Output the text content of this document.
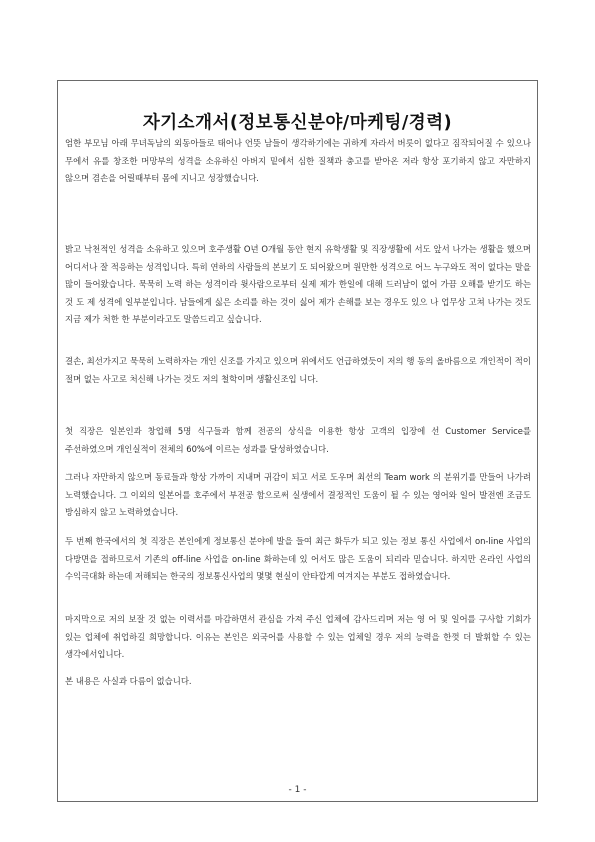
자기소개서(정보통신분야/마케팅/경력)

엄한 부모님 아래 무녀독남의 외동아들로 태어나 언뜻 남들이 생각하기에는 귀하게 자라서 버릇이 없다고 짐작되어질 수 있으나 무에서 유를 창조한 머망부의 성격을 소유하신 아버지 밑에서 심한 질책과 충고를 받아온 저라 항상 포기하지 않고 자만하지 않으며 겸손을 어릴때부터 몸에 지니고 성장했습니다.

밝고 낙천적인 성격을 소유하고 있으며 호주생활 O년 O개월 동안 현지 유학생활 및 직장생활에 서도 앞서 나가는 생활을 했으며 어디서나 잘 적응하는 성격입니다. 특히 연하의 사람들의 본보기 도 되어왔으며 원만한 성격으로 어느 누구와도 적이 없다는 말을 많이 들어왔습니다. 묵묵히 노력 하는 성격이라 윗사람으로부터 실제 제가 한일에 대해 드러남이 없어 가끔 오해를 받기도 하는 것 도 제 성격에 일부분입니다. 남들에게 싫은 소리를 하는 것이 싫어 제가 손해를 보는 경우도 있으 나 업무상 고쳐 나가는 것도 지금 제가 처한 한 부분이라고도 말씀드리고 싶습니다.

결손, 최선가지고 묵묵히 노력하자는 개인 신조를 가지고 있으며 위에서도 언급하였듯이 저의 행 동의 올바름으로 개인적이 적이 절며 없는 사고로 처신해 나가는 것도 저의 철학이며 생활신조입 니다.

첫 직장은 일본인과 창업해 5명 식구들과 함께 전공의 상식을 이용한 항상 고객의 입장에 선 Customer Service를 주선하였으며 개인실적이 전체의 60%에 이르는 성과를 달성하였습니다.

그러나 자만하지 않으며 동료들과 항상 가까이 지내며 귀감이 되고 서로 도우며 최선의 Team work 의 분위기를 만들어 나가려 노력했습니다. 그 이외의 일본어를 호주에서 부전공 함으로써 실생에서 결정적인 도움이 될 수 있는 영어와 일어 발전엔 조금도 방심하지 않고 노력하였습니다.

두 번째 한국에서의 첫 직장은 본인에게 정보통신 분야에 발을 들여 최근 화두가 되고 있는 정보 통신 사업에서 on-line 사업의 다방면을 접하므로서 기존의 off-line 사업을 on-line 화하는데 있 어서도 많은 도움이 되리라 믿습니다. 하지만 온라인 사업의 수익극대화 하는데 저해되는 한국의 정보통신사업의 몇몇 현실이 안타깝게 여겨지는 부분도 접하였습니다.

마지막으로 저의 보잘 것 없는 이력서를 마감하면서 관심을 가져 주신 업체에 감사드리며 저는 영 어 및 일어를 구사할 기회가 있는 업체에 취업하길 희망합니다. 이유는 본인은 외국어를 사용할 수 있는 업체일 경우 저의 능력을 한껏 더 발휘할 수 있는 생각에서입니다.

본 내용은 사실과 다름이 없습니다.

- 1 -
